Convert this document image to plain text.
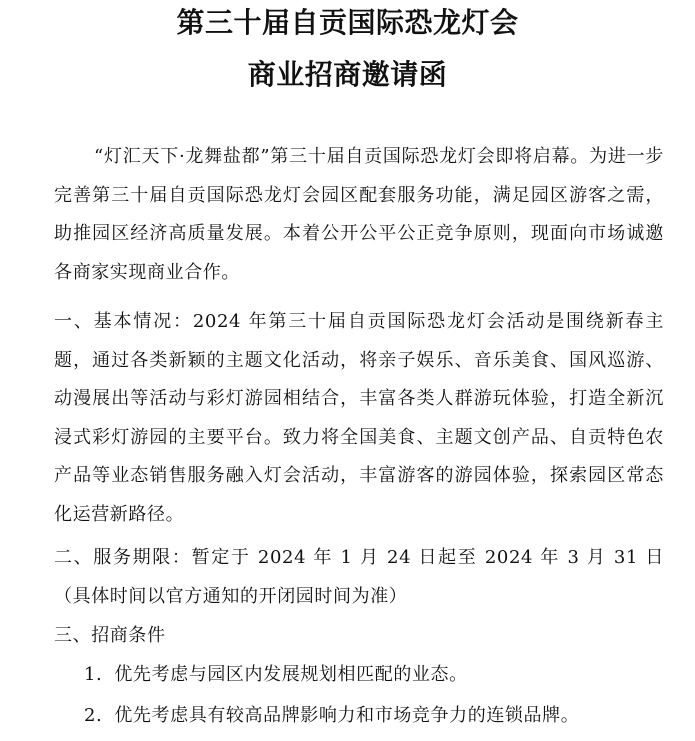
第三十届自贡国际恐龙灯会
商业招商邀请函

“灯汇天下·龙舞盐都”第三十届自贡国际恐龙灯会即将启幕。为进一步完善第三十届自贡国际恐龙灯会园区配套服务功能，满足园区游客之需，助推园区经济高质量发展。本着公开公平公正竞争原则，现面向市场诚邀各商家实现商业合作。

一、基本情况：2024 年第三十届自贡国际恐龙灯会活动是围绕新春主题，通过各类新颖的主题文化活动，将亲子娱乐、音乐美食、国风巡游、动漫展出等活动与彩灯游园相结合，丰富各类人群游玩体验，打造全新沉浸式彩灯游园的主要平台。致力将全国美食、主题文创产品、自贡特色农产品等业态销售服务融入灯会活动，丰富游客的游园体验，探索园区常态化运营新路径。

二、服务期限：暂定于 2024 年 1 月 24 日起至 2024 年 3 月 31 日（具体时间以官方通知的开闭园时间为准）

三、招商条件

1. 优先考虑与园区内发展规划相匹配的业态。

2. 优先考虑具有较高品牌影响力和市场竞争力的连锁品牌。
